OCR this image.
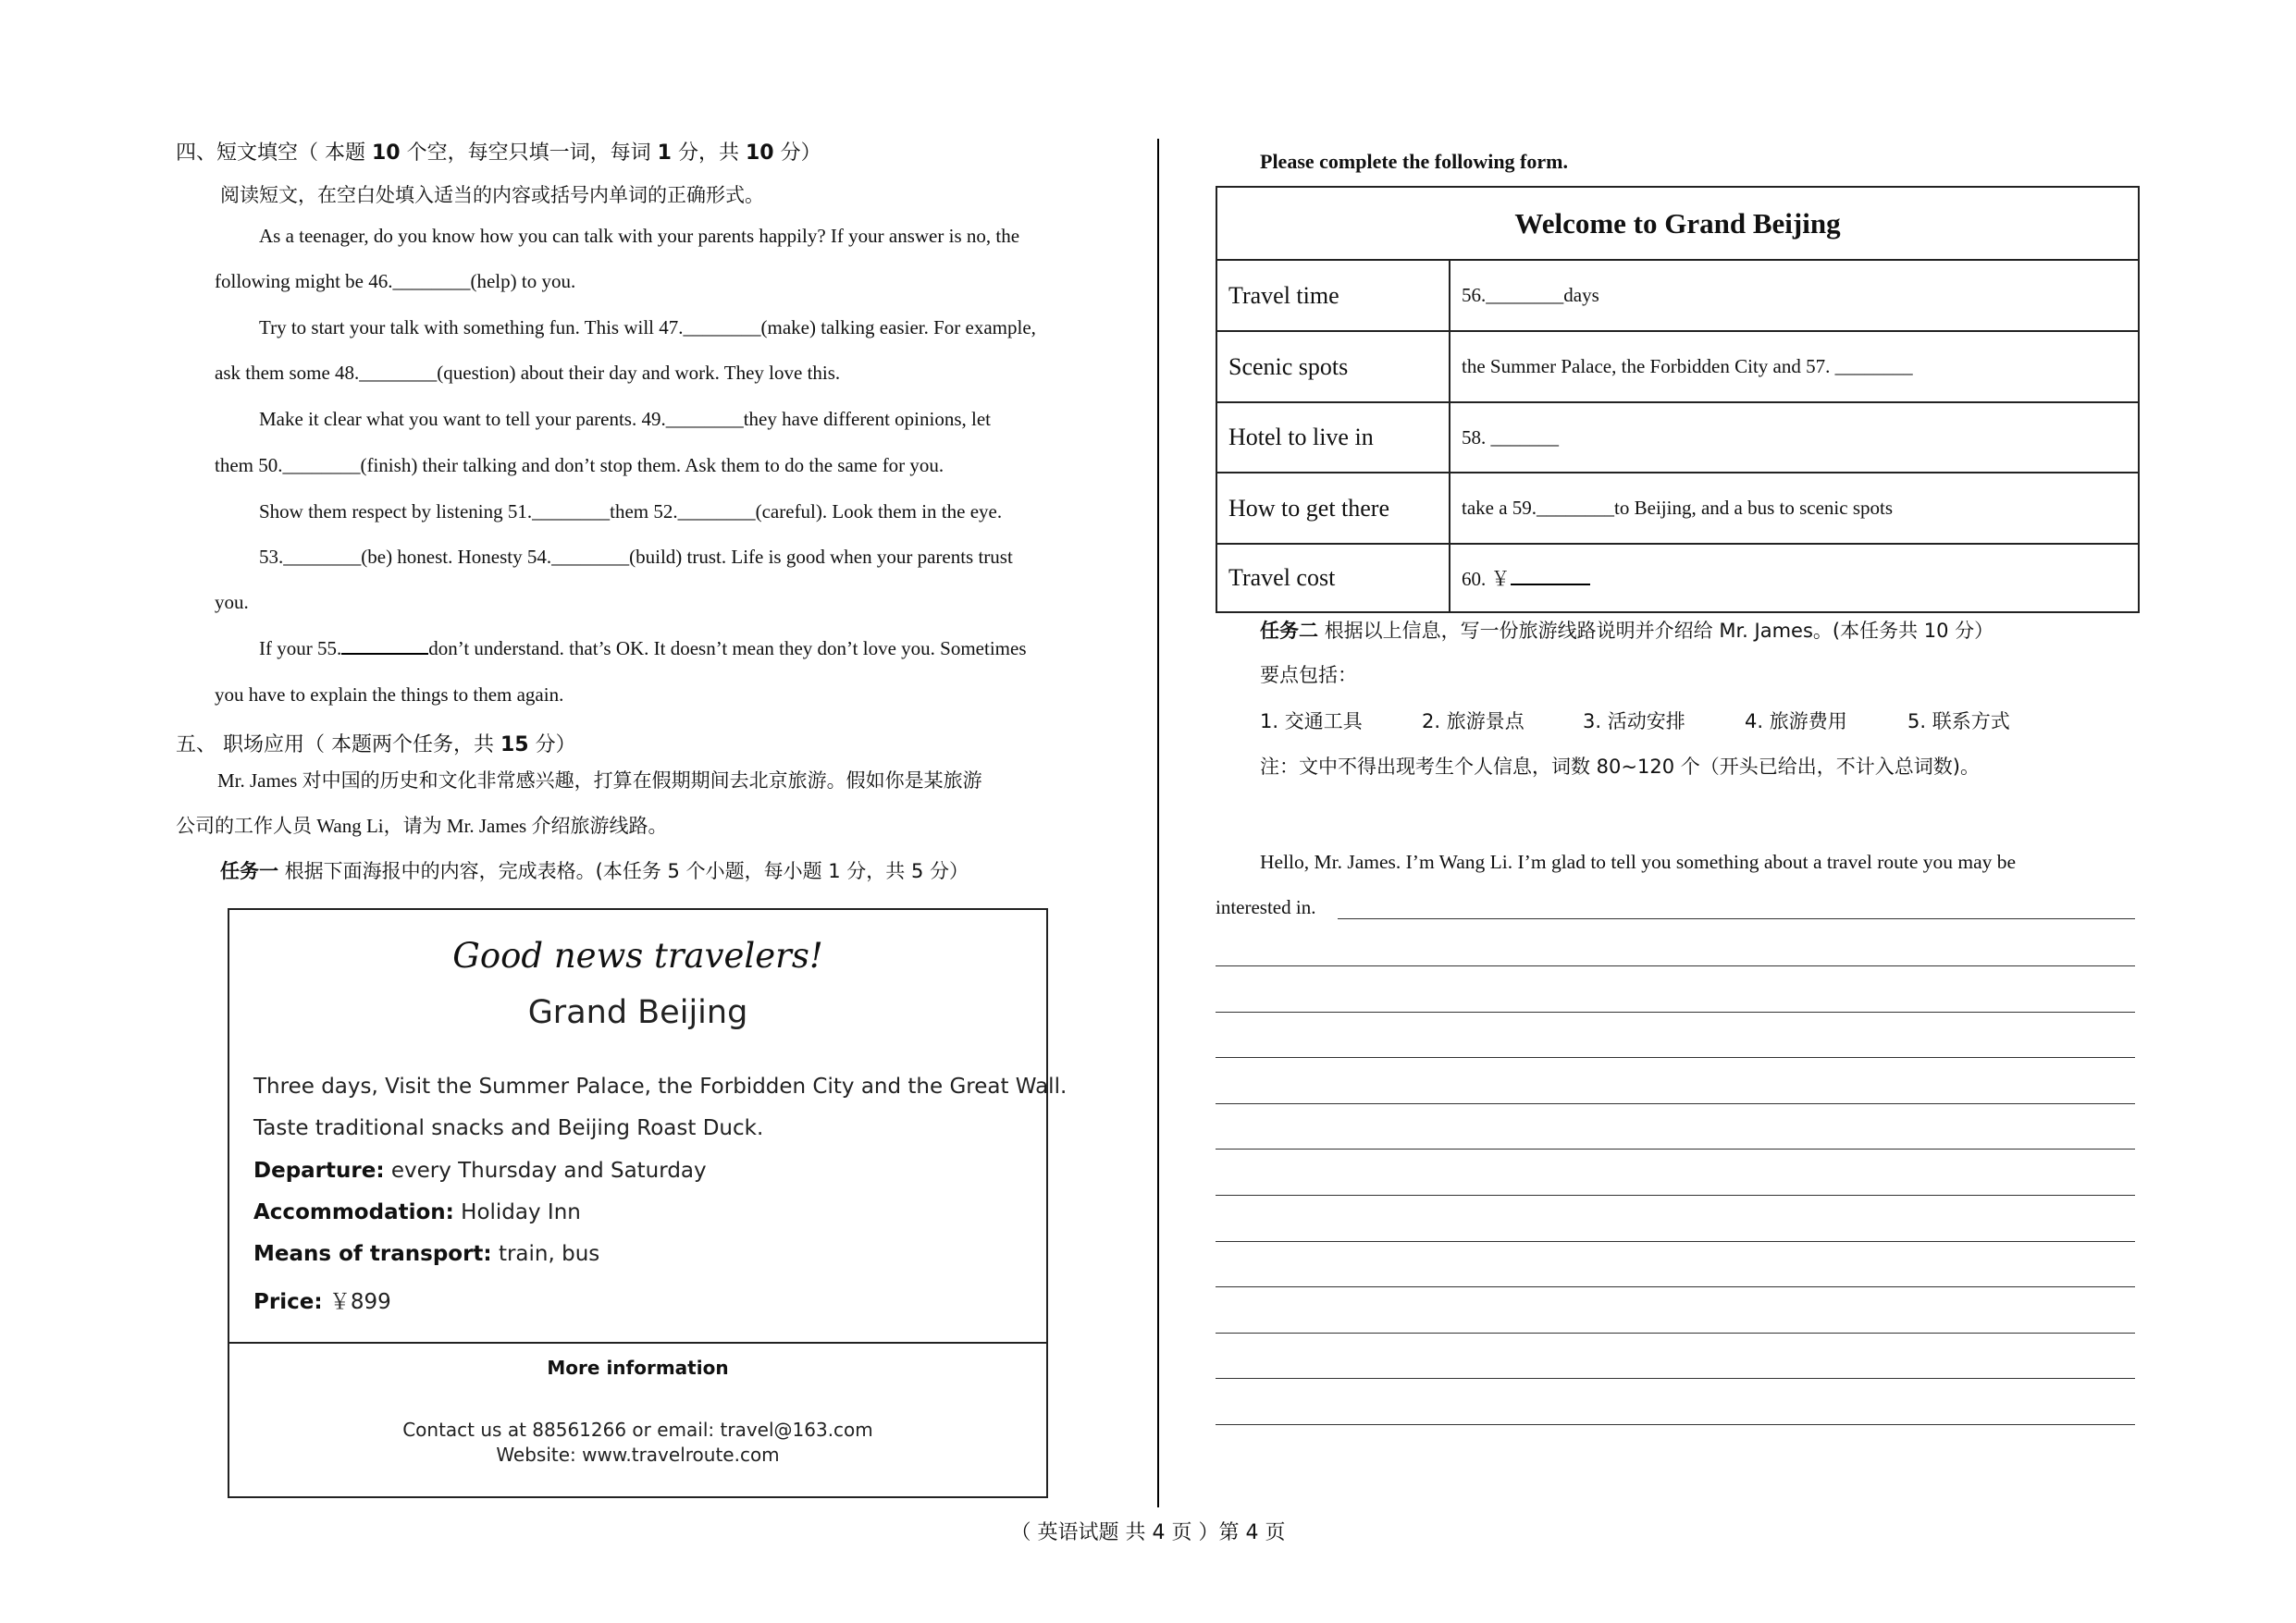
四、短文填空（ 本题 10 个空，每空只填一词，每词 1 分，共 10 分）
阅读短文，在空白处填入适当的内容或括号内单词的正确形式。
As a teenager, do you know how you can talk with your parents happily? If your answer is no, the
following might be 46.________(help) to you.
Try to start your talk with something fun. This will 47.________(make) talking easier. For example,
ask them some 48.________(question) about their day and work. They love this.
Make it clear what you want to tell your parents. 49.________they have different opinions, let
them 50.________(finish) their talking and don’t stop them. Ask them to do the same for you.
Show them respect by listening 51.________them 52.________(careful). Look them in the eye.
53.________(be) honest. Honesty 54.________(build) trust. Life is good when your parents trust
you.
If your 55.	don’t understand. that’s OK. It doesn’t mean they don’t love you. Sometimes
you have to explain the things to them again.
五、 职场应用（ 本题两个任务，共 15 分）
Mr. James 对中国的历史和文化非常感兴趣，打算在假期期间去北京旅游。假如你是某旅游
公司的工作人员 Wang Li，请为 Mr. James 介绍旅游线路。
任务一 根据下面海报中的内容，完成表格。(本任务 5 个小题，每小题 1 分，共 5 分）
Good news travelers!
Grand Beijing
Three days, Visit the Summer Palace, the Forbidden City and the Great Wall.
Taste traditional snacks and Beijing Roast Duck.
Departure: every Thursday and Saturday
Accommodation: Holiday Inn
Means of transport: train, bus
Price: ￥899
More information
Contact us at 88561266 or email: travel@163.com
Website: www.travelroute.com
Please complete the following form.
Welcome to Grand Beijing	
Travel time	56.________days
Scenic spots	the Summer Palace, the Forbidden City and 57. ________
Hotel to live in	58. _______
How to get there	take a 59.________to Beijing, and a bus to scenic spots
Travel cost	60. ￥
任务二 根据以上信息，写一份旅游线路说明并介绍给 Mr. James。(本任务共 10 分）
要点包括：
1. 交通工具	2. 旅游景点	3. 活动安排	4. 旅游费用	5. 联系方式
注：文中不得出现考生个人信息，词数 80~120 个（开头已给出，不计入总词数)。
Hello, Mr. James. I’m Wang Li. I’m glad to tell you something about a travel route you may be
interested in.
（ 英语试题 共 4 页 ）第 4 页
